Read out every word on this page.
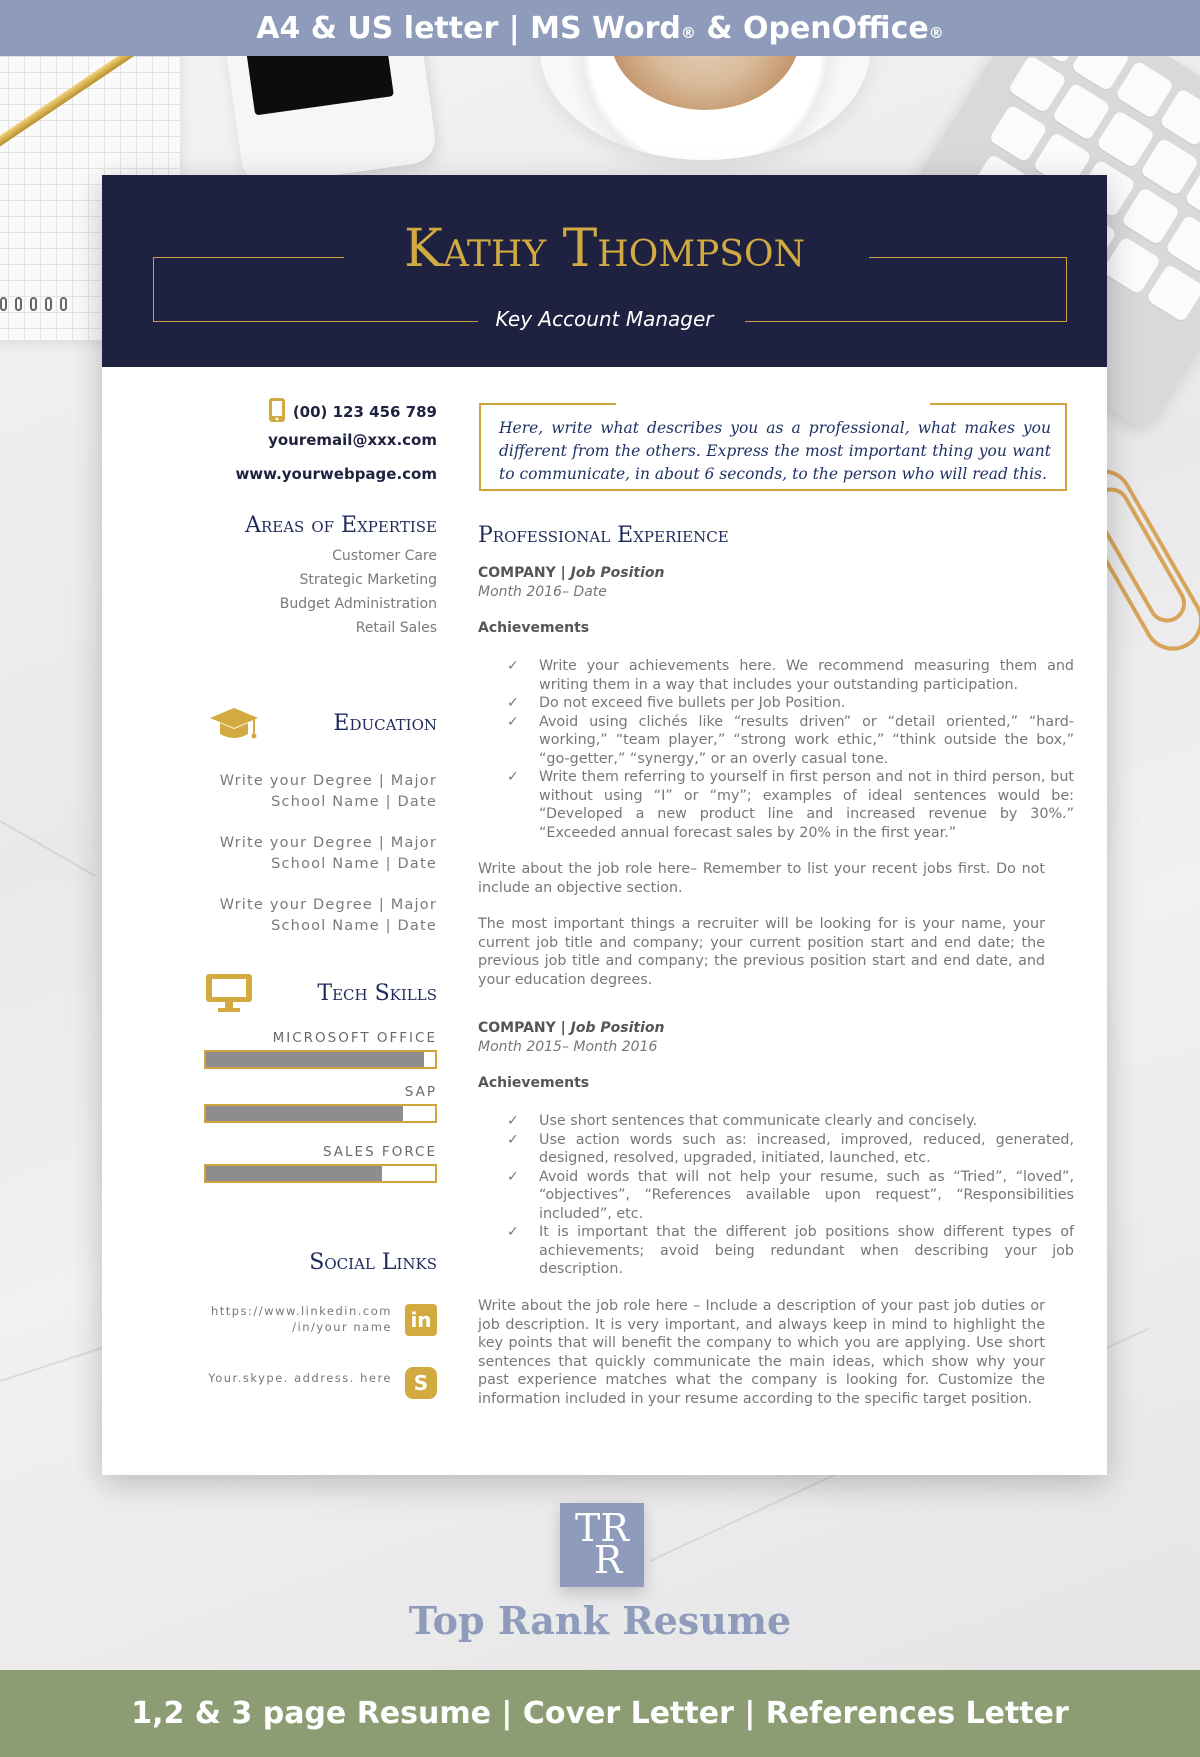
A4 & US letter | MS Word® & OpenOffice®
Kathy Thompson
Key Account Manager
(00) 123 456 789
youremail@xxx.com
www.yourwebpage.com
Areas of Expertise
Customer Care
Strategic Marketing
Budget Administration
Retail Sales
Education
Write your Degree | Major
School Name | Date
Write your Degree | Major
School Name | Date
Write your Degree | Major
School Name | Date
Tech Skills
MICROSOFT OFFICE
SAP
SALES FORCE
Social Links
https://www.linkedin.com
/in/your name in
Your.skype. address. here	S
Here, write what describes you as a professional, what makes you different from the others. Express the most important thing you want to communicate, in about 6 seconds, to the person who will read this.
Professional Experience
COMPANY | Job Position
Month 2016– Date
Achievements
✓ Write your achievements here. We recommend measuring them and writing them in a way that includes your outstanding participation.
✓ Do not exceed five bullets per Job Position.
✓ Avoid using clichés like “results driven” or “detail oriented,” “hard-working,” “team player,” “strong work ethic,” “think outside the box,” “go-getter,” “synergy,” or an overly casual tone.
✓ Write them referring to yourself in first person and not in third person, but without using “I” or “my”; examples of ideal sentences would be: “Developed a new product line and increased revenue by 30%.” “Exceeded annual forecast sales by 20% in the first year.”
Write about the job role here– Remember to list your recent jobs first. Do not include an objective section.
The most important things a recruiter will be looking for is your name, your current job title and company; your current position start and end date; the previous job title and company; the previous position start and end date, and your education degrees.
COMPANY | Job Position
Month 2015– Month 2016
Achievements
✓ Use short sentences that communicate clearly and concisely.
✓ Use action words such as: increased, improved, reduced, generated, designed, resolved, upgraded, initiated, launched, etc.
✓ Avoid words that will not help your resume, such as “Tried”, “loved”, “objectives”, “References available upon request”, “Responsibilities included”, etc.
✓ It is important that the different job positions show different types of achievements; avoid being redundant when describing your job description.
Write about the job role here – Include a description of your past job duties or job description. It is very important, and always keep in mind to highlight the key points that will benefit the company to which you are applying. Use short sentences that quickly communicate the main ideas, which show why your past experience matches what the company is looking for. Customize the information included in your resume according to the specific target position.
TR
R
Top Rank Resume
1,2 & 3 page Resume | Cover Letter | References Letter
